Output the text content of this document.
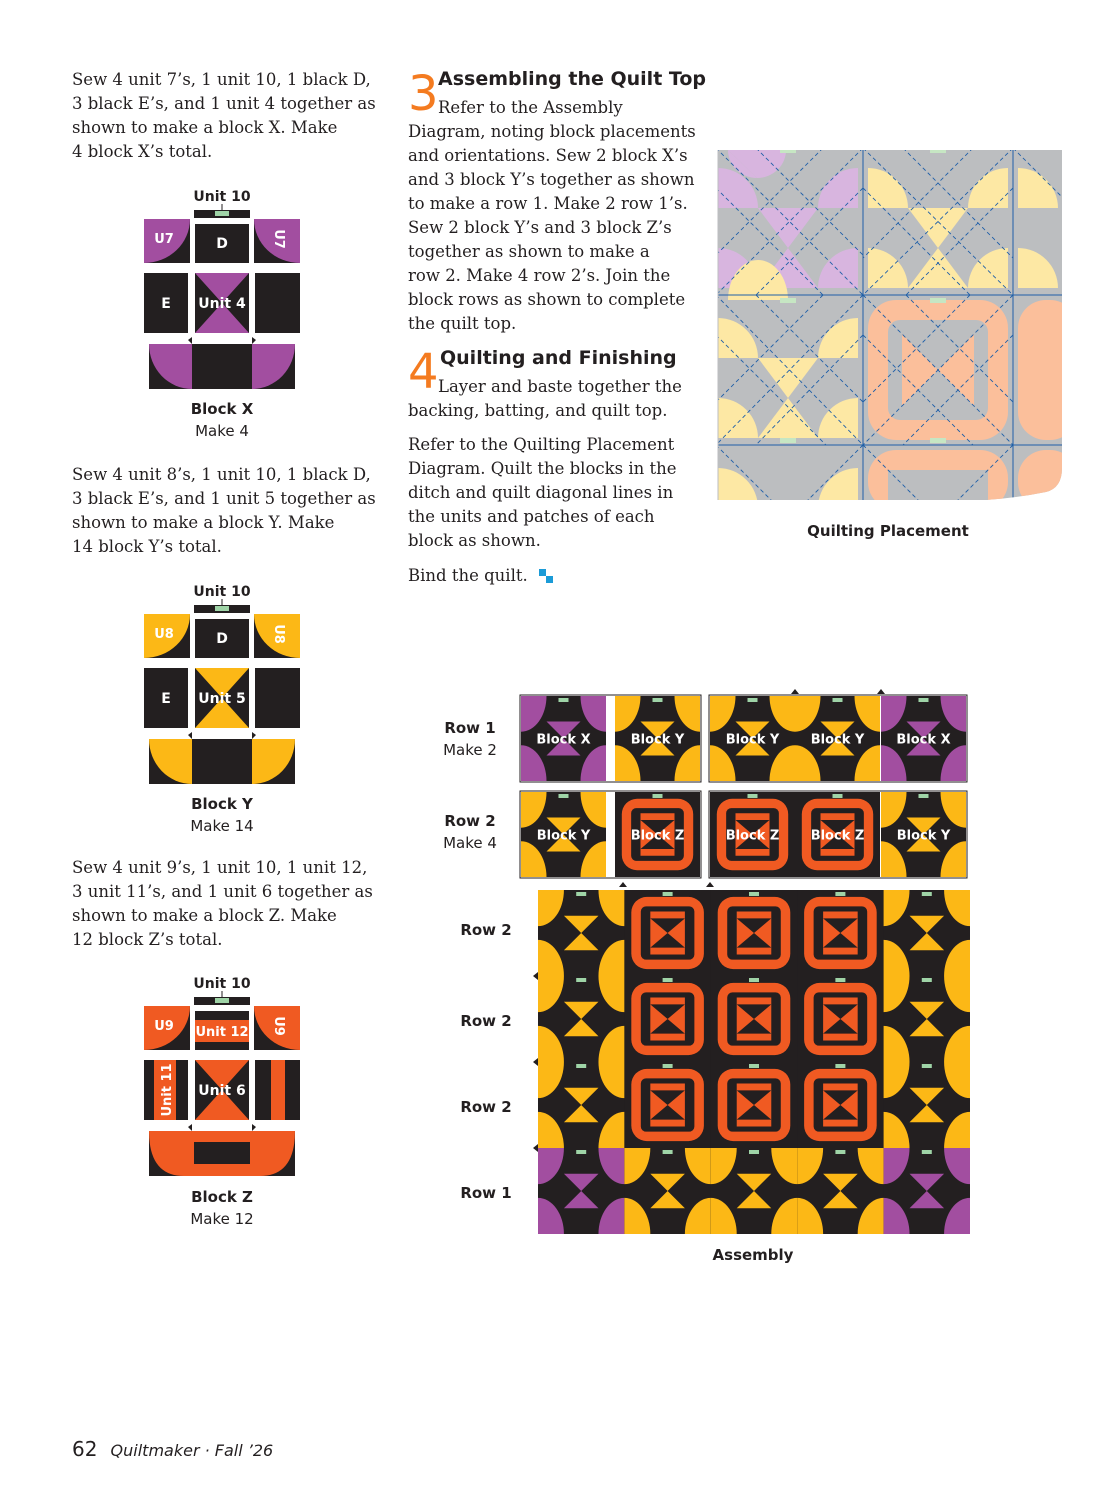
Sew 4 unit 7’s, 1 unit 10, 1 black D,
3 black E’s, and 1 unit 4 together as
shown to make a block X. Make
4 block X’s total.
Unit 10
U7	D	U7
E Unit 4
Block X
Make 4
Sew 4 unit 8’s, 1 unit 10, 1 black D,
3 black E’s, and 1 unit 5 together as
shown to make a block Y. Make
14 block Y’s total.
Unit 10
U8	D	U8
E Unit 5
Block Y
Make 14
Sew 4 unit 9’s, 1 unit 10, 1 unit 12,
3 unit 11’s, and 1 unit 6 together as
shown to make a block Z. Make
12 block Z’s total.
Unit 10
U9 Unit 12 U9
Unit 11 Unit 6
Block Z
Make 12
3 Assembling the Quilt Top
Refer to the Assembly
Diagram, noting block placements
and orientations. Sew 2 block X’s
and 3 block Y’s together as shown
to make a row 1. Make 2 row 1’s.
Sew 2 block Y’s and 3 block Z’s
together as shown to make a
row 2. Make 4 row 2’s. Join the
block rows as shown to complete
the quilt top.
4 Quilting and Finishing
Layer and baste together the
backing, batting, and quilt top.
Refer to the Quilting Placement
Diagram. Quilt the blocks in the
ditch and quilt diagonal lines in
the units and patches of each
block as shown.
Bind the quilt.
Quilting Placement
Row 1
Make 2
Row 2
Make 4
Row 2
Row 2
Row 2
Row 1
Block X	Block Y	Block Y Block Y Block X
Block Y	Block Z	Block Z Block Z Block Y
Assembly
62 Quiltmaker · Fall ’26
